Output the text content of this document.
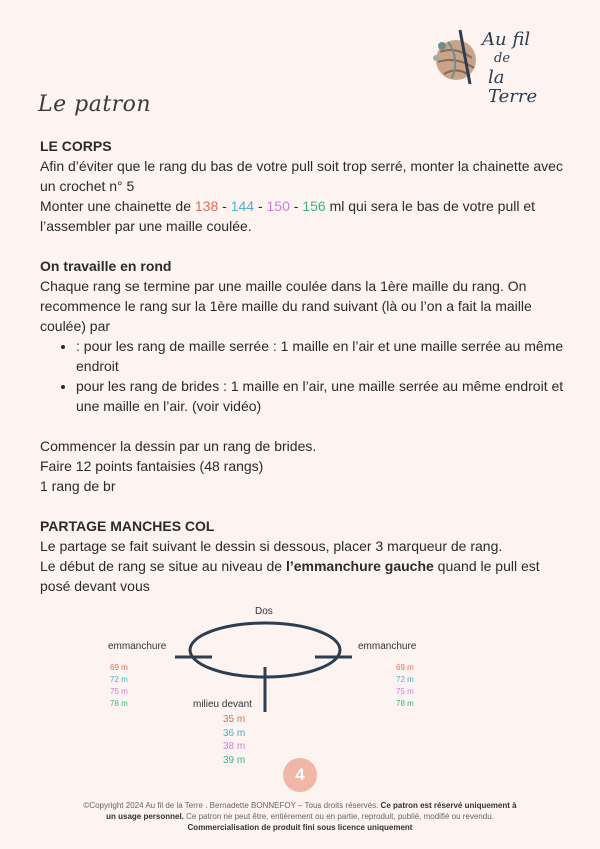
Au fil
de
la Terre
Le patron

LE CORPS

Afin d’éviter que le rang du bas de votre pull soit trop serré, monter la chainette avec un crochet n° 5

Monter une chainette de 138 - 144 - 150 - 156 ml qui sera le bas de votre pull et l’assembler par une maille coulée.

On travaille en rond

Chaque rang se termine par une maille coulée dans la 1ère maille du rang. On recommence le rang sur la 1ère maille du rand suivant (là ou l’on a fait la maille coulée) par

• : pour les rang de maille serrée : 1 maille en l’air et une maille serrée au même endroit
• pour les rang de brides : 1 maille en l’air, une maille serrée au même endroit et une maille en l’air. (voir vidéo)

Commencer la dessin par un rang de brides.

Faire 12 points fantaisies (48 rangs)

1 rang de br

PARTAGE MANCHES COL

Le partage se fait suivant le dessin si dessous, placer 3 marqueur de rang.

Le début de rang se situe au niveau de l’emmanchure gauche quand le pull est posé devant vous

Dos
emmanchure	emmanchure
milieu devant
69 m
72 m
75 m
78 m
69 m
72 m
75 m
78 m
35 m
36 m
38 m
39 m
4
©Copyright 2024 Au fil de la Terre . Bernadette BONNEFOY – Tous droits réservés. Ce patron est réservé uniquement à un usage personnel. Ce patron ne peut être, entièrement ou en partie, reproduit, publié, modifié ou revendu. Commercialisation de produit fini sous licence uniquement
